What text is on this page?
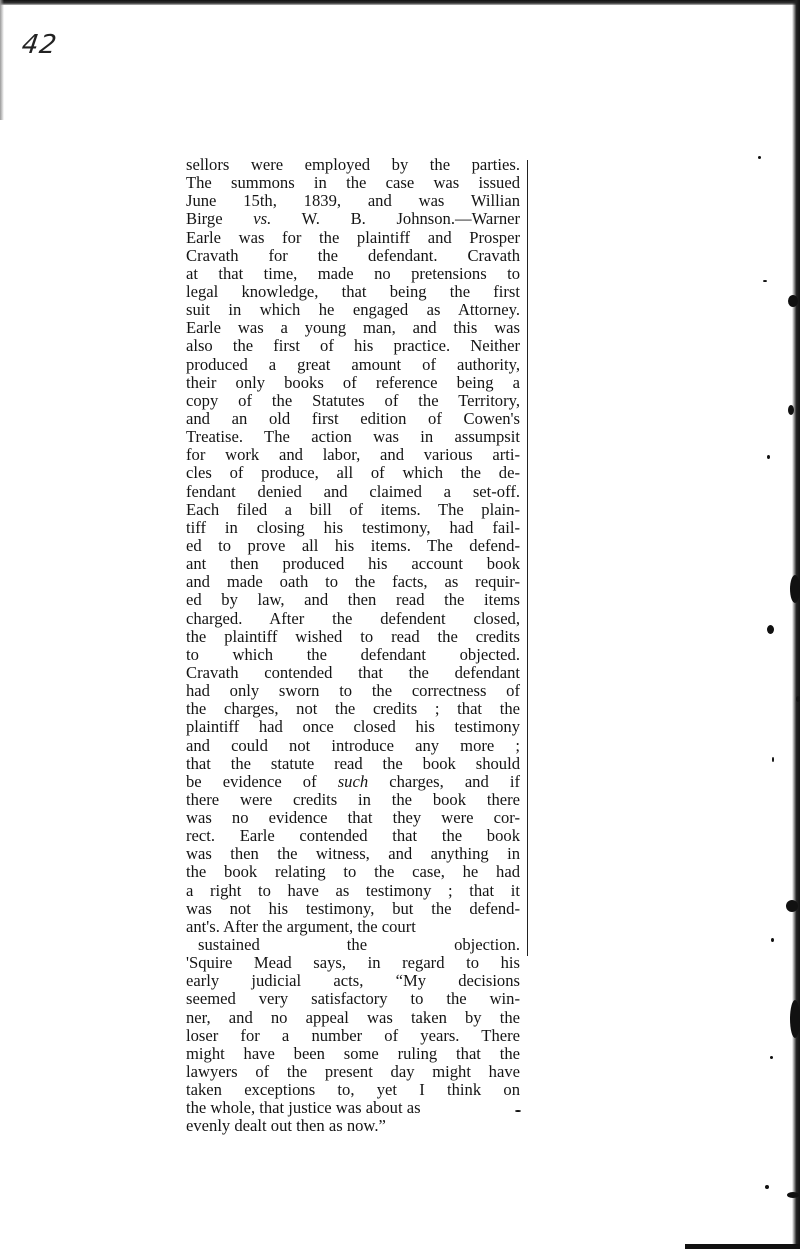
42
sellors were employed by the parties.
The summons in the case was issued
June 15th, 1839, and was Willian
Birge vs. W. B. Johnson.—Warner
Earle was for the plaintiff and Prosper
Cravath for the defendant. Cravath
at that time, made no pretensions to
legal knowledge, that being the first
suit in which he engaged as Attorney.
Earle was a young man, and this was
also the first of his practice. Neither
produced a great amount of authority,
their only books of reference being a
copy of the Statutes of the Territory,
and an old first edition of Cowen's
Treatise. The action was in assumpsit
for work and labor, and various arti-
cles of produce, all of which the de-
fendant denied and claimed a set-off.
Each filed a bill of items. The plain-
tiff in closing his testimony, had fail-
ed to prove all his items. The defend-
ant then produced his account book
and made oath to the facts, as requir-
ed by law, and then read the items
charged. After the defendent closed,
the plaintiff wished to read the credits
to which the defendant objected.
Cravath contended that the defendant
had only sworn to the correctness of
the charges, not the credits ; that the
plaintiff had once closed his testimony
and could not introduce any more ;
that the statute read the book should
be evidence of such charges, and if
there were credits in the book there
was no evidence that they were cor-
rect. Earle contended that the book
was then the witness, and anything in
the book relating to the case, he had
a right to have as testimony ; that it
was not his testimony, but the defend-
ant's. After the argument, the court
sustained the objection.
'Squire Mead says, in regard to his
early judicial acts, “My decisions
seemed very satisfactory to the win-
ner, and no appeal was taken by the
loser for a number of years. There
might have been some ruling that the
lawyers of the present day might have
taken exceptions to, yet I think on
the whole, that justice was about as
evenly dealt out then as now.”
